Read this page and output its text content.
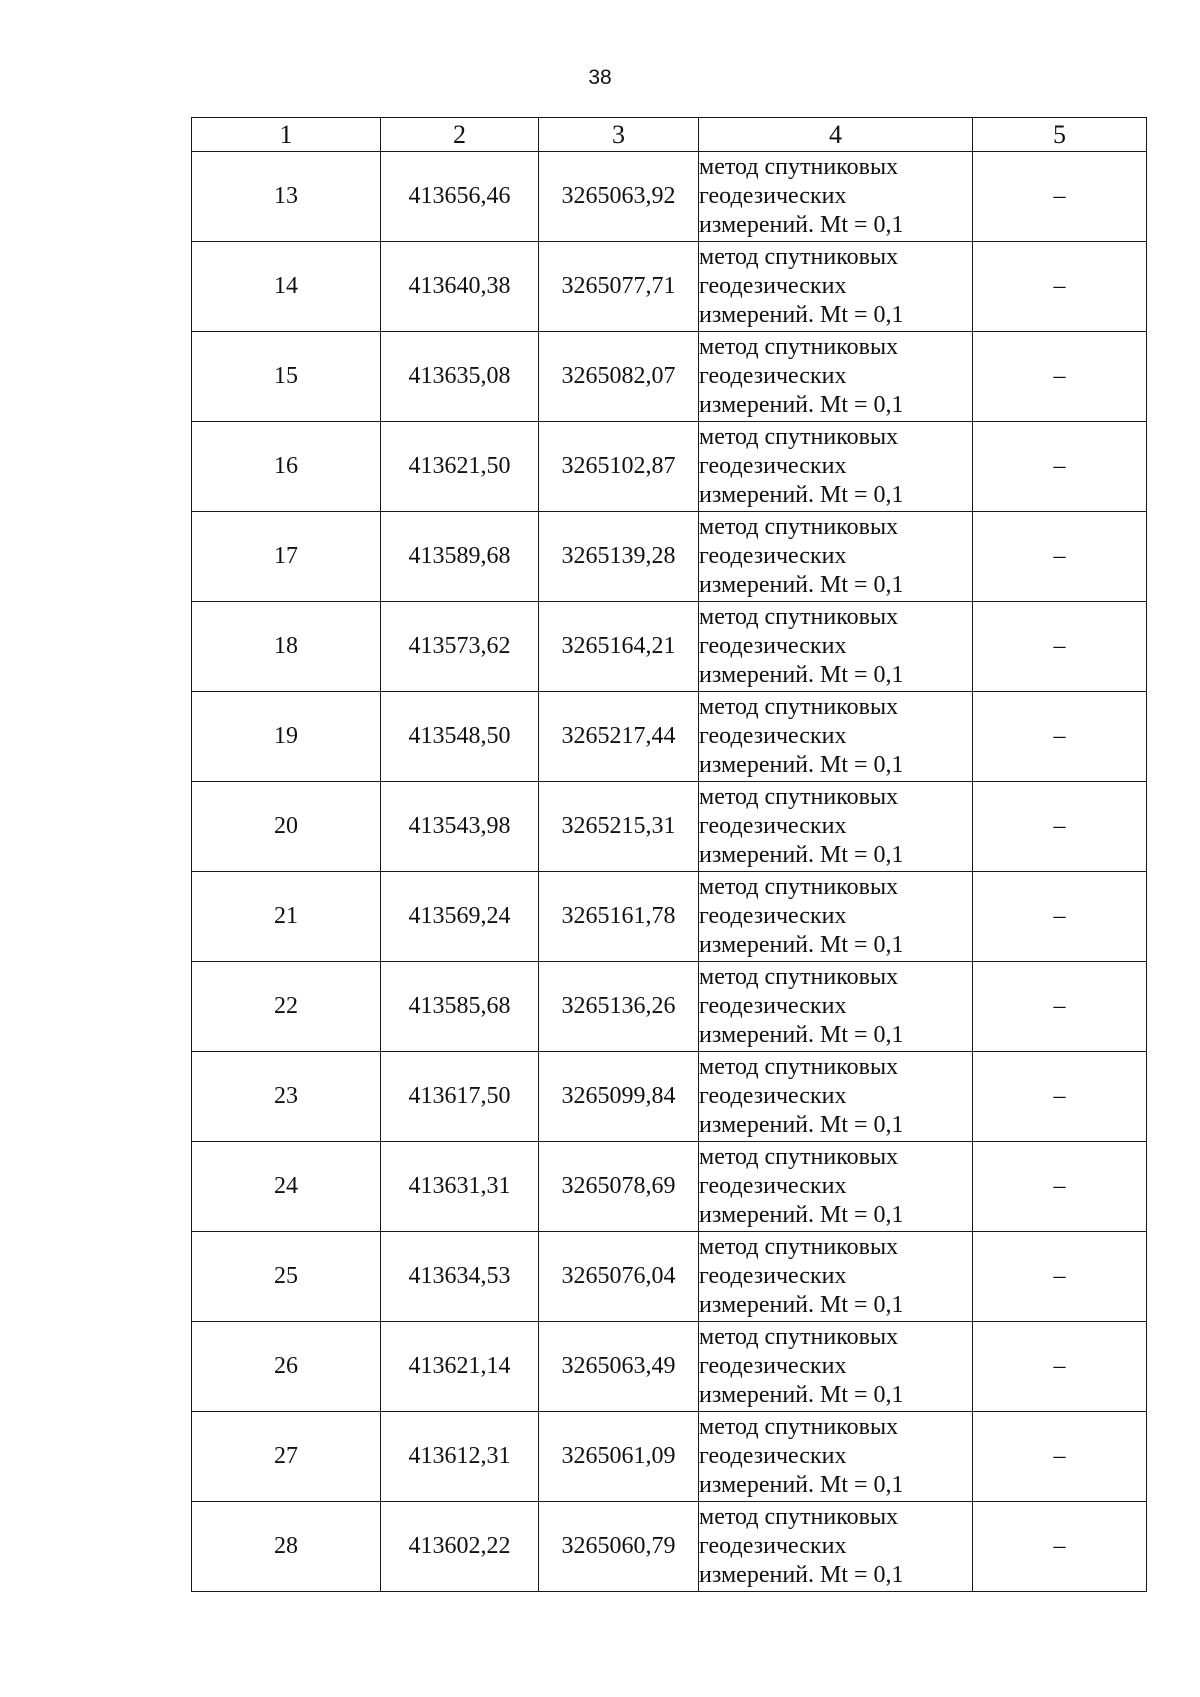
38
1	2	3	4	5
13	413656,46	3265063,92	метод спутниковых
геодезических
измерений. Mt = 0,1	–
14	413640,38	3265077,71	метод спутниковых
геодезических
измерений. Mt = 0,1	–
15	413635,08	3265082,07	метод спутниковых
геодезических
измерений. Mt = 0,1	–
16	413621,50	3265102,87	метод спутниковых
геодезических
измерений. Mt = 0,1	–
17	413589,68	3265139,28	метод спутниковых
геодезических
измерений. Mt = 0,1	–
18	413573,62	3265164,21	метод спутниковых
геодезических
измерений. Mt = 0,1	–
19	413548,50	3265217,44	метод спутниковых
геодезических
измерений. Mt = 0,1	–
20	413543,98	3265215,31	метод спутниковых
геодезических
измерений. Mt = 0,1	–
21	413569,24	3265161,78	метод спутниковых
геодезических
измерений. Mt = 0,1	–
22	413585,68	3265136,26	метод спутниковых
геодезических
измерений. Mt = 0,1	–
23	413617,50	3265099,84	метод спутниковых
геодезических
измерений. Mt = 0,1	–
24	413631,31	3265078,69	метод спутниковых
геодезических
измерений. Mt = 0,1	–
25	413634,53	3265076,04	метод спутниковых
геодезических
измерений. Mt = 0,1	–
26	413621,14	3265063,49	метод спутниковых
геодезических
измерений. Mt = 0,1	–
27	413612,31	3265061,09	метод спутниковых
геодезических
измерений. Mt = 0,1	–
28	413602,22	3265060,79	метод спутниковых
геодезических
измерений. Mt = 0,1	–
